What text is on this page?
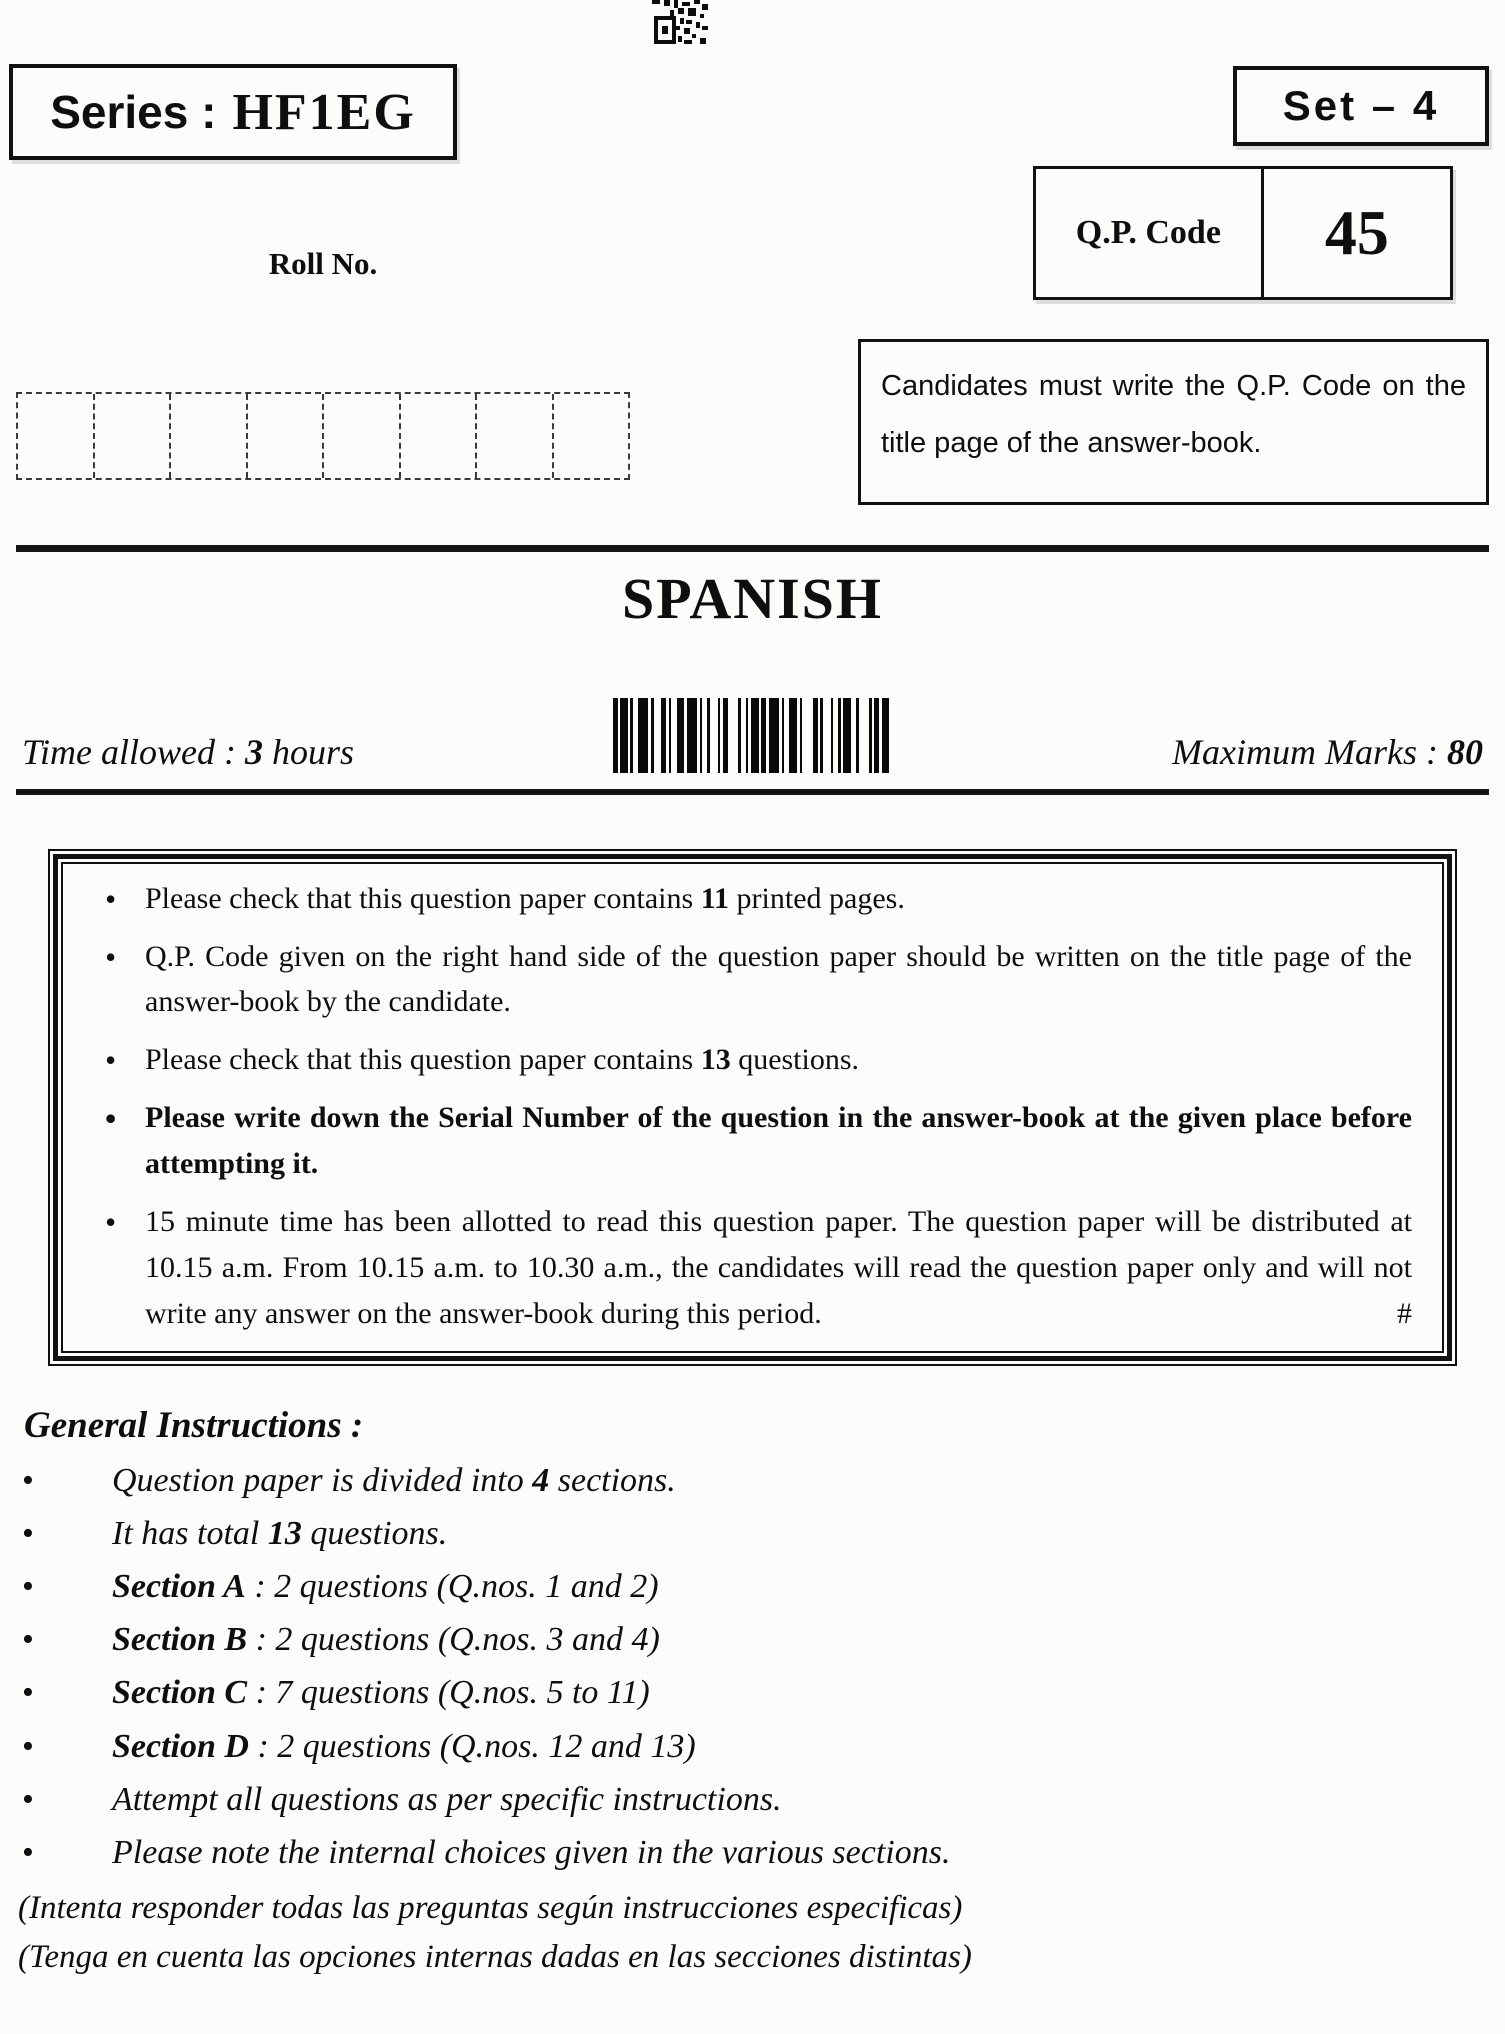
Series : HF1EG	Set – 4
Q.P. Code	45
Roll No.
Candidates must write the Q.P. Code on the title page of the answer-book.
SPANISH
Time allowed : 3 hours	Maximum Marks : 80
• Please check that this question paper contains 11 printed pages.
• Q.P. Code given on the right hand side of the question paper should be written on the title page of the answer-book by the candidate.
• Please check that this question paper contains 13 questions.
• Please write down the Serial Number of the question in the answer-book at the given place before attempting it.
• 15 minute time has been allotted to read this question paper. The question paper will be distributed at 10.15 a.m. From 10.15 a.m. to 10.30 a.m., the candidates will read the question paper only and will not write any answer on the answer-book during this period.	#
General Instructions :
• Question paper is divided into 4 sections.
• It has total 13 questions.
• Section A : 2 questions (Q.nos. 1 and 2)
• Section B : 2 questions (Q.nos. 3 and 4)
• Section C : 7 questions (Q.nos. 5 to 11)
• Section D : 2 questions (Q.nos. 12 and 13)
• Attempt all questions as per specific instructions.
• Please note the internal choices given in the various sections.
(Intenta responder todas las preguntas según instrucciones especificas)
(Tenga en cuenta las opciones internas dadas en las secciones distintas)
